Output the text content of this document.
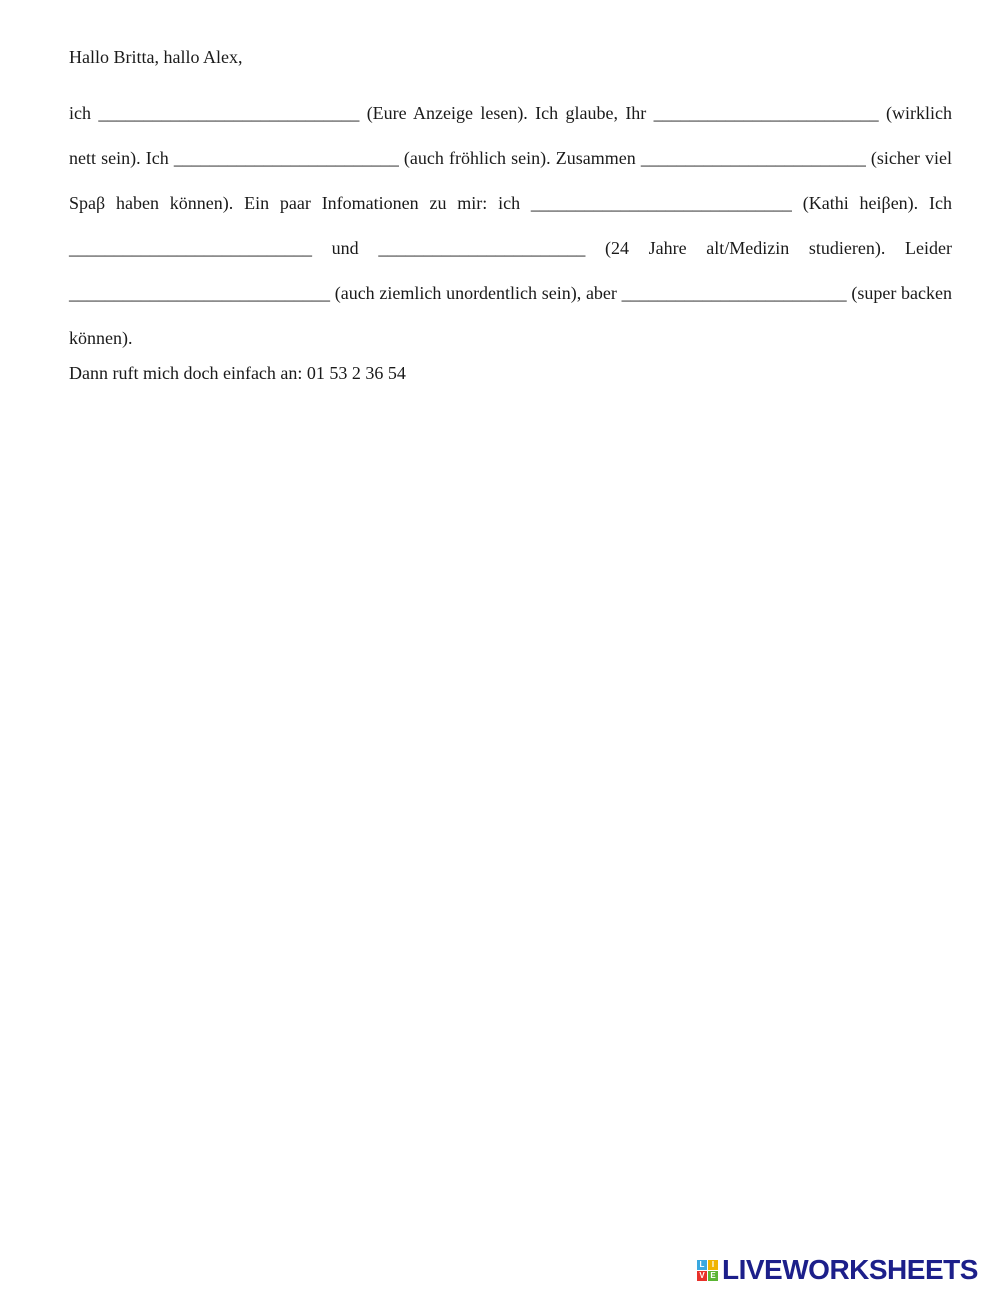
Hallo Britta, hallo Alex,
ich _____________________________ (Eure Anzeige lesen). Ich glaube, Ihr _________________________ (wirklich nett sein). Ich _________________________ (auch fröhlich sein). Zusammen _________________________ (sicher viel Spaβ haben können). Ein paar Infomationen zu mir: ich _____________________________ (Kathi heiβen). Ich ___________________________ und _______________________ (24 Jahre alt/Medizin studieren). Leider _____________________________ (auch ziemlich unordentlich sein), aber _________________________ (super backen können).
Dann ruft mich doch einfach an: 01 53 2 36 54
L I
V E LIVEWORKSHEETS
